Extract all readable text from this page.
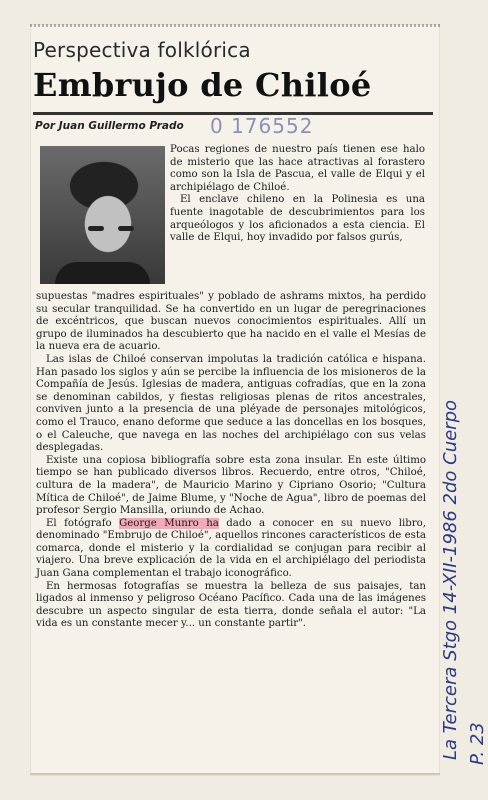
Perspectiva folklórica
Embrujo de Chiloé
Por Juan Guillermo Prado 0 176552

Pocas regiones de nuestro país tienen ese halo de misterio que las hace atractivas al forastero como son la Isla de Pascua, el valle de Elqui y el archipiélago de Chiloé.

El enclave chileno en la Polinesia es una fuente inagotable de descubrimientos para los arqueólogos y los aficionados a esta ciencia. El valle de Elqui, hoy invadido por falsos gurús,

supuestas "madres espirituales" y poblado de ashrams mixtos, ha perdido su secular tranquilidad. Se ha convertido en un lugar de peregrinaciones de excéntricos, que buscan nuevos conocimientos espirituales. Allí un grupo de iluminados ha descubierto que ha nacido en el valle el Mesías de la nueva era de acuario.

Las islas de Chiloé conservan impolutas la tradición católica e hispana. Han pasado los siglos y aún se percibe la influencia de los misioneros de la Compañía de Jesús. Iglesias de madera, antiguas cofradías, que en la zona se denominan cabildos, y fiestas religiosas plenas de ritos ancestrales, conviven junto a la presencia de una pléyade de personajes mitológicos, como el Trauco, enano deforme que seduce a las doncellas en los bosques, o el Caleuche, que navega en las noches del archipiélago con sus velas desplegadas.

Existe una copiosa bibliografía sobre esta zona insular. En este último tiempo se han publicado diversos libros. Recuerdo, entre otros, "Chiloé, cultura de la madera", de Mauricio Marino y Cipriano Osorio; "Cultura Mítica de Chiloé", de Jaime Blume, y "Noche de Agua", libro de poemas del profesor Sergio Mansilla, oriundo de Achao.

El fotógrafo George Munro ha dado a conocer en su nuevo libro, denominado "Embrujo de Chiloé", aquellos rincones característicos de esta comarca, donde el misterio y la cordialidad se conjugan para recibir al viajero. Una breve explicación de la vida en el archipiélago del periodista Juan Gana complementan el trabajo iconográfico.

En hermosas fotografías se muestra la belleza de sus paisajes, tan ligados al inmenso y peligroso Océano Pacífico. Cada una de las imágenes descubre un aspecto singular de esta tierra, donde señala el autor: "La vida es un constante mecer y... un constante partir".	La Tercera Stgo 14-XII-1986 2do Cuerpo P. 23
